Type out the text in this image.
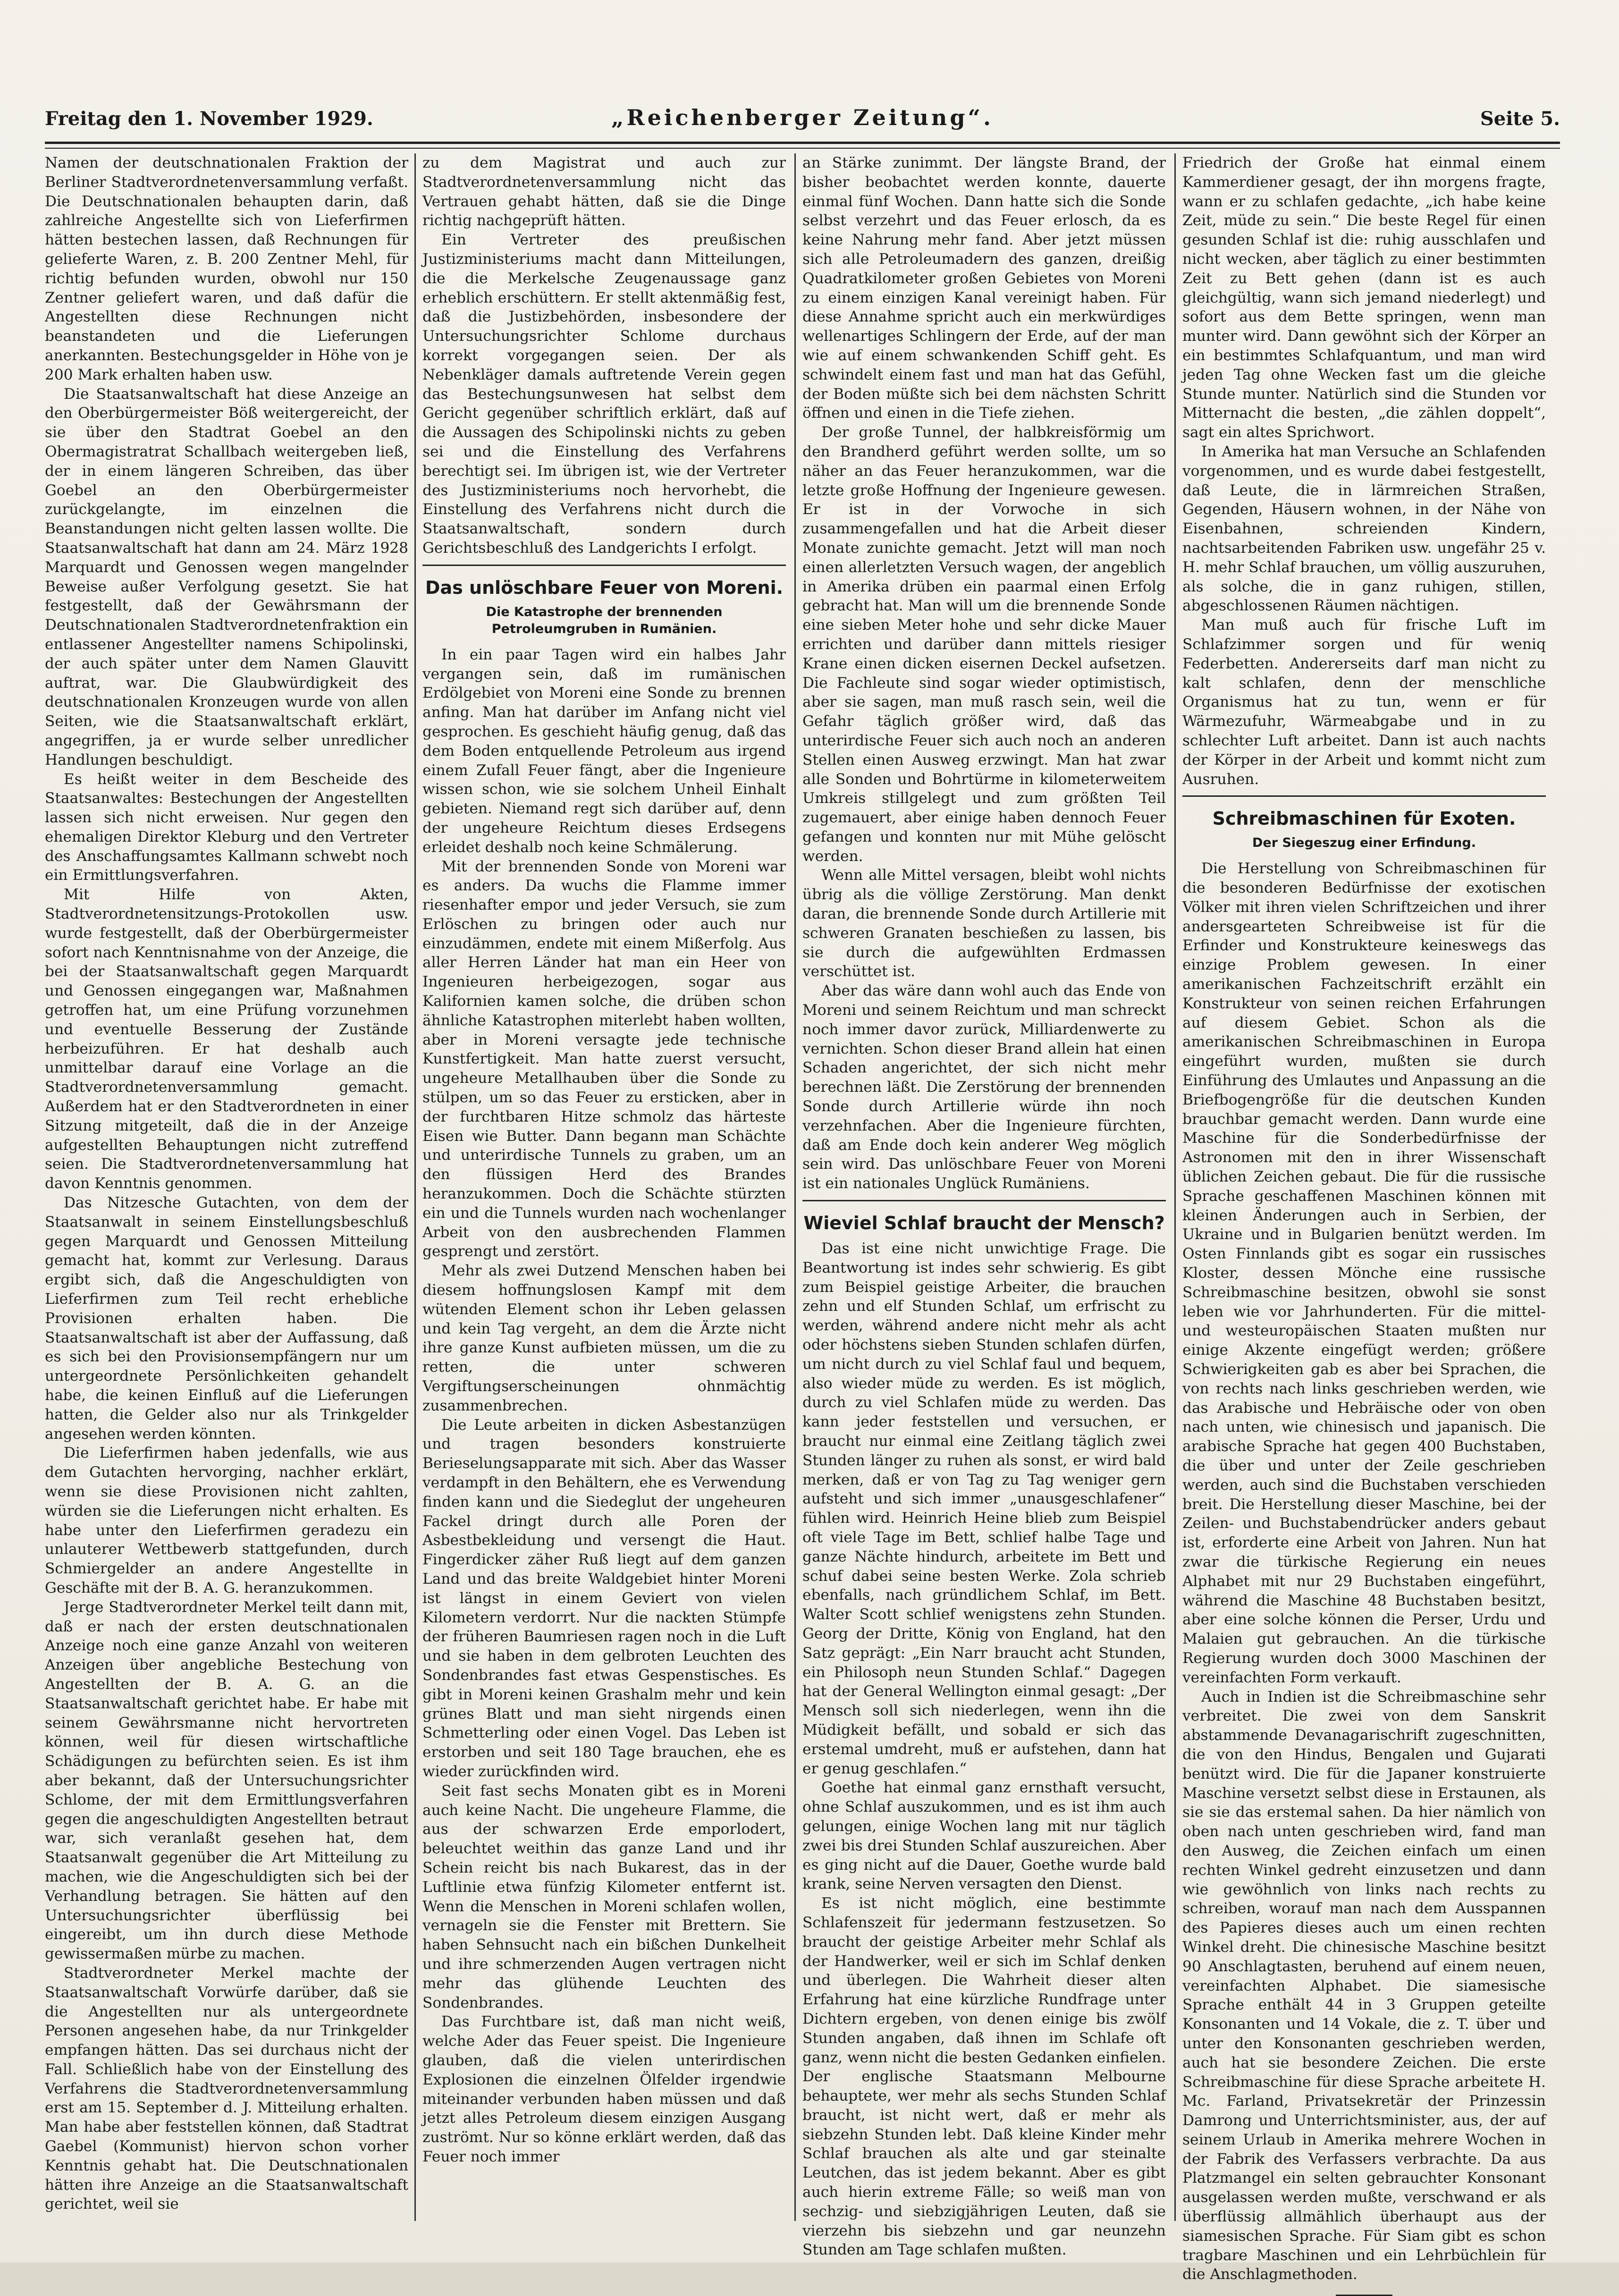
Freitag den 1. November 1929.	„Reichenberger Zeitung“.	Seite 5.

Namen der deutschnationalen Fraktion der Berliner Stadtverordnetenversammlung verfaßt. Die Deutschnationalen behaupten darin, daß zahlreiche Angestellte sich von Lieferfirmen hätten bestechen lassen, daß Rechnungen für gelieferte Waren, z. B. 200 Zentner Mehl, für richtig befunden wurden, obwohl nur 150 Zentner geliefert waren, und daß dafür die Angestellten diese Rechnungen nicht beanstandeten und die Lieferungen anerkannten. Bestechungsgelder in Höhe von je 200 Mark erhalten haben usw.

Die Staatsanwaltschaft hat diese Anzeige an den Oberbürgermeister Böß weitergereicht, der sie über den Stadtrat Goebel an den Obermagistratrat Schallbach weitergeben ließ, der in einem längeren Schreiben, das über Goebel an den Oberbürgermeister zurückgelangte, im einzelnen die Beanstandungen nicht gelten lassen wollte. Die Staatsanwaltschaft hat dann am 24. März 1928 Marquardt und Genossen wegen mangelnder Beweise außer Verfolgung gesetzt. Sie hat festgestellt, daß der Gewährsmann der Deutschnationalen Stadtverordnetenfraktion ein entlassener Angestellter namens Schipolinski, der auch später unter dem Namen Glauvitt auftrat, war. Die Glaubwürdigkeit des deutschnationalen Kronzeugen wurde von allen Seiten, wie die Staatsanwaltschaft erklärt, angegriffen, ja er wurde selber unredlicher Handlungen beschuldigt.

Es heißt weiter in dem Bescheide des Staatsanwaltes: Bestechungen der Angestellten lassen sich nicht erweisen. Nur gegen den ehemaligen Direktor Kleburg und den Vertreter des Anschaffungsamtes Kallmann schwebt noch ein Ermittlungsverfahren.

Mit Hilfe von Akten, Stadtverordnetensitzungs-Protokollen usw. wurde festgestellt, daß der Oberbürgermeister sofort nach Kenntnisnahme von der Anzeige, die bei der Staatsanwaltschaft gegen Marquardt und Genossen eingegangen war, Maßnahmen getroffen hat, um eine Prüfung vorzunehmen und eventuelle Besserung der Zustände herbeizuführen. Er hat deshalb auch unmittelbar darauf eine Vorlage an die Stadtverordnetenversammlung gemacht. Außerdem hat er den Stadtverordneten in einer Sitzung mitgeteilt, daß die in der Anzeige aufgestellten Behauptungen nicht zutreffend seien. Die Stadtverordnetenversammlung hat davon Kenntnis genommen.

Das Nitzesche Gutachten, von dem der Staatsanwalt in seinem Einstellungsbeschluß gegen Marquardt und Genossen Mitteilung gemacht hat, kommt zur Verlesung. Daraus ergibt sich, daß die Angeschuldigten von Lieferfirmen zum Teil recht erhebliche Provisionen erhalten haben. Die Staatsanwaltschaft ist aber der Auffassung, daß es sich bei den Provisionsempfängern nur um untergeordnete Persönlichkeiten gehandelt habe, die keinen Einfluß auf die Lieferungen hatten, die Gelder also nur als Trinkgelder angesehen werden könnten.

Die Lieferfirmen haben jedenfalls, wie aus dem Gutachten hervorging, nachher erklärt, wenn sie diese Provisionen nicht zahlten, würden sie die Lieferungen nicht erhalten. Es habe unter den Lieferfirmen geradezu ein unlauterer Wettbewerb stattgefunden, durch Schmiergelder an andere Angestellte in Geschäfte mit der B. A. G. heranzukommen.

Jerge Stadtverordneter Merkel teilt dann mit, daß er nach der ersten deutschnationalen Anzeige noch eine ganze Anzahl von weiteren Anzeigen über angebliche Bestechung von Angestellten der B. A. G. an die Staatsanwaltschaft gerichtet habe. Er habe mit seinem Gewährsmanne nicht hervortreten können, weil für diesen wirtschaftliche Schädigungen zu befürchten seien. Es ist ihm aber bekannt, daß der Untersuchungsrichter Schlome, der mit dem Ermittlungsverfahren gegen die angeschuldigten Angestellten betraut war, sich veranlaßt gesehen hat, dem Staatsanwalt gegenüber die Art Mitteilung zu machen, wie die Angeschuldigten sich bei der Verhandlung betragen. Sie hätten auf den Untersuchungsrichter überflüssig bei eingereibt, um ihn durch diese Methode gewissermaßen mürbe zu machen.

Stadtverordneter Merkel machte der Staatsanwaltschaft Vorwürfe darüber, daß sie die Angestellten nur als untergeordnete Personen angesehen habe, da nur Trinkgelder empfangen hätten. Das sei durchaus nicht der Fall. Schließlich habe von der Einstellung des Verfahrens die Stadtverordnetenversammlung erst am 15. September d. J. Mitteilung erhalten. Man habe aber feststellen können, daß Stadtrat Gaebel (Kommunist) hiervon schon vorher Kenntnis gehabt hat. Die Deutschnationalen hätten ihre Anzeige an die Staatsanwaltschaft gerichtet, weil sie

zu dem Magistrat und auch zur Stadtverordnetenversammlung nicht das Vertrauen gehabt hätten, daß sie die Dinge richtig nachgeprüft hätten.

Ein Vertreter des preußischen Justizministeriums macht dann Mitteilungen, die die Merkelsche Zeugenaussage ganz erheblich erschüttern. Er stellt aktenmäßig fest, daß die Justizbehörden, insbesondere der Untersuchungsrichter Schlome durchaus korrekt vorgegangen seien. Der als Nebenkläger damals auftretende Verein gegen das Bestechungsunwesen hat selbst dem Gericht gegenüber schriftlich erklärt, daß auf die Aussagen des Schipolinski nichts zu geben sei und die Einstellung des Verfahrens berechtigt sei. Im übrigen ist, wie der Vertreter des Justizministeriums noch hervorhebt, die Einstellung des Verfahrens nicht durch die Staatsanwaltschaft, sondern durch Gerichtsbeschluß des Landgerichts I erfolgt.

Das unlöschbare Feuer von Moreni.
Die Katastrophe der brennenden Petroleumgruben in Rumänien.

In ein paar Tagen wird ein halbes Jahr vergangen sein, daß im rumänischen Erdölgebiet von Moreni eine Sonde zu brennen anfing. Man hat darüber im Anfang nicht viel gesprochen. Es geschieht häufig genug, daß das dem Boden entquellende Petroleum aus irgend einem Zufall Feuer fängt, aber die Ingenieure wissen schon, wie sie solchem Unheil Einhalt gebieten. Niemand regt sich darüber auf, denn der ungeheure Reichtum dieses Erdsegens erleidet deshalb noch keine Schmälerung.

Mit der brennenden Sonde von Moreni war es anders. Da wuchs die Flamme immer riesenhafter empor und jeder Versuch, sie zum Erlöschen zu bringen oder auch nur einzudämmen, endete mit einem Mißerfolg. Aus aller Herren Länder hat man ein Heer von Ingenieuren herbeigezogen, sogar aus Kalifornien kamen solche, die drüben schon ähnliche Katastrophen miterlebt haben wollten, aber in Moreni versagte jede technische Kunstfertigkeit. Man hatte zuerst versucht, ungeheure Metallhauben über die Sonde zu stülpen, um so das Feuer zu ersticken, aber in der furchtbaren Hitze schmolz das härteste Eisen wie Butter. Dann begann man Schächte und unterirdische Tunnels zu graben, um an den flüssigen Herd des Brandes heranzukommen. Doch die Schächte stürzten ein und die Tunnels wurden nach wochenlanger Arbeit von den ausbrechenden Flammen gesprengt und zerstört.

Mehr als zwei Dutzend Menschen haben bei diesem hoffnungslosen Kampf mit dem wütenden Element schon ihr Leben gelassen und kein Tag vergeht, an dem die Ärzte nicht ihre ganze Kunst aufbieten müssen, um die zu retten, die unter schweren Vergiftungserscheinungen ohnmächtig zusammenbrechen.

Die Leute arbeiten in dicken Asbestanzügen und tragen besonders konstruierte Berieselungsapparate mit sich. Aber das Wasser verdampft in den Behältern, ehe es Verwendung finden kann und die Siedeglut der ungeheuren Fackel dringt durch alle Poren der Asbestbekleidung und versengt die Haut. Fingerdicker zäher Ruß liegt auf dem ganzen Land und das breite Waldgebiet hinter Moreni ist längst in einem Geviert von vielen Kilometern verdorrt. Nur die nackten Stümpfe der früheren Baumriesen ragen noch in die Luft und sie haben in dem gelbroten Leuchten des Sondenbrandes fast etwas Gespenstisches. Es gibt in Moreni keinen Grashalm mehr und kein grünes Blatt und man sieht nirgends einen Schmetterling oder einen Vogel. Das Leben ist erstorben und seit 180 Tage brauchen, ehe es wieder zurückfinden wird.

Seit fast sechs Monaten gibt es in Moreni auch keine Nacht. Die ungeheure Flamme, die aus der schwarzen Erde emporlodert, beleuchtet weithin das ganze Land und ihr Schein reicht bis nach Bukarest, das in der Luftlinie etwa fünfzig Kilometer entfernt ist. Wenn die Menschen in Moreni schlafen wollen, vernageln sie die Fenster mit Brettern. Sie haben Sehnsucht nach ein bißchen Dunkelheit und ihre schmerzenden Augen vertragen nicht mehr das glühende Leuchten des Sondenbrandes.

Das Furchtbare ist, daß man nicht weiß, welche Ader das Feuer speist. Die Ingenieure glauben, daß die vielen unterirdischen Explosionen die einzelnen Ölfelder irgendwie miteinander verbunden haben müssen und daß jetzt alles Petroleum diesem einzigen Ausgang zuströmt. Nur so könne erklärt werden, daß das Feuer noch immer

an Stärke zunimmt. Der längste Brand, der bisher beobachtet werden konnte, dauerte einmal fünf Wochen. Dann hatte sich die Sonde selbst verzehrt und das Feuer erlosch, da es keine Nahrung mehr fand. Aber jetzt müssen sich alle Petroleumadern des ganzen, dreißig Quadratkilometer großen Gebietes von Moreni zu einem einzigen Kanal vereinigt haben. Für diese Annahme spricht auch ein merkwürdiges wellenartiges Schlingern der Erde, auf der man wie auf einem schwankenden Schiff geht. Es schwindelt einem fast und man hat das Gefühl, der Boden müßte sich bei dem nächsten Schritt öffnen und einen in die Tiefe ziehen.

Der große Tunnel, der halbkreisförmig um den Brandherd geführt werden sollte, um so näher an das Feuer heranzukommen, war die letzte große Hoffnung der Ingenieure gewesen. Er ist in der Vorwoche in sich zusammengefallen und hat die Arbeit dieser Monate zunichte gemacht. Jetzt will man noch einen allerletzten Versuch wagen, der angeblich in Amerika drüben ein paarmal einen Erfolg gebracht hat. Man will um die brennende Sonde eine sieben Meter hohe und sehr dicke Mauer errichten und darüber dann mittels riesiger Krane einen dicken eisernen Deckel aufsetzen. Die Fachleute sind sogar wieder optimistisch, aber sie sagen, man muß rasch sein, weil die Gefahr täglich größer wird, daß das unterirdische Feuer sich auch noch an anderen Stellen einen Ausweg erzwingt. Man hat zwar alle Sonden und Bohrtürme in kilometerweitem Umkreis stillgelegt und zum größten Teil zugemauert, aber einige haben dennoch Feuer gefangen und konnten nur mit Mühe gelöscht werden.

Wenn alle Mittel versagen, bleibt wohl nichts übrig als die völlige Zerstörung. Man denkt daran, die brennende Sonde durch Artillerie mit schweren Granaten beschießen zu lassen, bis sie durch die aufgewühlten Erdmassen verschüttet ist.

Aber das wäre dann wohl auch das Ende von Moreni und seinem Reichtum und man schreckt noch immer davor zurück, Milliardenwerte zu vernichten. Schon dieser Brand allein hat einen Schaden angerichtet, der sich nicht mehr berechnen läßt. Die Zerstörung der brennenden Sonde durch Artillerie würde ihn noch verzehnfachen. Aber die Ingenieure fürchten, daß am Ende doch kein anderer Weg möglich sein wird. Das unlöschbare Feuer von Moreni ist ein nationales Unglück Rumäniens.

Wieviel Schlaf braucht der Mensch?

Das ist eine nicht unwichtige Frage. Die Beantwortung ist indes sehr schwierig. Es gibt zum Beispiel geistige Arbeiter, die brauchen zehn und elf Stunden Schlaf, um erfrischt zu werden, während andere nicht mehr als acht oder höchstens sieben Stunden schlafen dürfen, um nicht durch zu viel Schlaf faul und bequem, also wieder müde zu werden. Es ist möglich, durch zu viel Schlafen müde zu werden. Das kann jeder feststellen und versuchen, er braucht nur einmal eine Zeitlang täglich zwei Stunden länger zu ruhen als sonst, er wird bald merken, daß er von Tag zu Tag weniger gern aufsteht und sich immer „unausgeschlafener“ fühlen wird. Heinrich Heine blieb zum Beispiel oft viele Tage im Bett, schlief halbe Tage und ganze Nächte hindurch, arbeitete im Bett und schuf dabei seine besten Werke. Zola schrieb ebenfalls, nach gründlichem Schlaf, im Bett. Walter Scott schlief wenigstens zehn Stunden. Georg der Dritte, König von England, hat den Satz geprägt: „Ein Narr braucht acht Stunden, ein Philosoph neun Stunden Schlaf.“ Dagegen hat der General Wellington einmal gesagt: „Der Mensch soll sich niederlegen, wenn ihn die Müdigkeit befällt, und sobald er sich das erstemal umdreht, muß er aufstehen, dann hat er genug geschlafen.“

Goethe hat einmal ganz ernsthaft versucht, ohne Schlaf auszukommen, und es ist ihm auch gelungen, einige Wochen lang mit nur täglich zwei bis drei Stunden Schlaf auszureichen. Aber es ging nicht auf die Dauer, Goethe wurde bald krank, seine Nerven versagten den Dienst.

Es ist nicht möglich, eine bestimmte Schlafenszeit für jedermann festzusetzen. So braucht der geistige Arbeiter mehr Schlaf als der Handwerker, weil er sich im Schlaf denken und überlegen. Die Wahrheit dieser alten Erfahrung hat eine kürzliche Rundfrage unter Dichtern ergeben, von denen einige bis zwölf Stunden angaben, daß ihnen im Schlafe oft ganz, wenn nicht die besten Gedanken einfielen. Der englische Staatsmann Melbourne behauptete, wer mehr als sechs Stunden Schlaf braucht, ist nicht wert, daß er mehr als siebzehn Stunden lebt. Daß kleine Kinder mehr Schlaf brauchen als alte und gar steinalte Leutchen, das ist jedem bekannt. Aber es gibt auch hierin extreme Fälle; so weiß man von sechzig- und siebzigjährigen Leuten, daß sie vierzehn bis siebzehn und gar neunzehn Stunden am Tage schlafen mußten.

Friedrich der Große hat einmal einem Kammerdiener gesagt, der ihn morgens fragte, wann er zu schlafen gedachte, „ich habe keine Zeit, müde zu sein.“ Die beste Regel für einen gesunden Schlaf ist die: ruhig ausschlafen und nicht wecken, aber täglich zu einer bestimmten Zeit zu Bett gehen (dann ist es auch gleichgültig, wann sich jemand niederlegt) und sofort aus dem Bette springen, wenn man munter wird. Dann gewöhnt sich der Körper an ein bestimmtes Schlafquantum, und man wird jeden Tag ohne Wecken fast um die gleiche Stunde munter. Natürlich sind die Stunden vor Mitternacht die besten, „die zählen doppelt“, sagt ein altes Sprichwort.

In Amerika hat man Versuche an Schlafenden vorgenommen, und es wurde dabei festgestellt, daß Leute, die in lärmreichen Straßen, Gegenden, Häusern wohnen, in der Nähe von Eisenbahnen, schreienden Kindern, nachtsarbeitenden Fabriken usw. ungefähr 25 v. H. mehr Schlaf brauchen, um völlig auszuruhen, als solche, die in ganz ruhigen, stillen, abgeschlossenen Räumen nächtigen.

Man muß auch für frische Luft im Schlafzimmer sorgen und für weniq Federbetten. Andererseits darf man nicht zu kalt schlafen, denn der menschliche Organismus hat zu tun, wenn er für Wärmezufuhr, Wärmeabgabe und in zu schlechter Luft arbeitet. Dann ist auch nachts der Körper in der Arbeit und kommt nicht zum Ausruhen.

Schreibmaschinen für Exoten.
Der Siegeszug einer Erfindung.

Die Herstellung von Schreibmaschinen für die besonderen Bedürfnisse der exotischen Völker mit ihren vielen Schriftzeichen und ihrer andersgearteten Schreibweise ist für die Erfinder und Konstrukteure keineswegs das einzige Problem gewesen. In einer amerikanischen Fachzeitschrift erzählt ein Konstrukteur von seinen reichen Erfahrungen auf diesem Gebiet. Schon als die amerikanischen Schreibmaschinen in Europa eingeführt wurden, mußten sie durch Einführung des Umlautes und Anpassung an die Briefbogengröße für die deutschen Kunden brauchbar gemacht werden. Dann wurde eine Maschine für die Sonderbedürfnisse der Astronomen mit den in ihrer Wissenschaft üblichen Zeichen gebaut. Die für die russische Sprache geschaffenen Maschinen können mit kleinen Änderungen auch in Serbien, der Ukraine und in Bulgarien benützt werden. Im Osten Finnlands gibt es sogar ein russisches Kloster, dessen Mönche eine russische Schreibmaschine besitzen, obwohl sie sonst leben wie vor Jahrhunderten. Für die mittel- und westeuropäischen Staaten mußten nur einige Akzente eingefügt werden; größere Schwierigkeiten gab es aber bei Sprachen, die von rechts nach links geschrieben werden, wie das Arabische und Hebräische oder von oben nach unten, wie chinesisch und japanisch. Die arabische Sprache hat gegen 400 Buchstaben, die über und unter der Zeile geschrieben werden, auch sind die Buchstaben verschieden breit. Die Herstellung dieser Maschine, bei der Zeilen- und Buchstabendrücker anders gebaut ist, erforderte eine Arbeit von Jahren. Nun hat zwar die türkische Regierung ein neues Alphabet mit nur 29 Buchstaben eingeführt, während die Maschine 48 Buchstaben besitzt, aber eine solche können die Perser, Urdu und Malaien gut gebrauchen. An die türkische Regierung wurden doch 3000 Maschinen der vereinfachten Form verkauft.

Auch in Indien ist die Schreibmaschine sehr verbreitet. Die zwei von dem Sanskrit abstammende Devanagarischrift zugeschnitten, die von den Hindus, Bengalen und Gujarati benützt wird. Die für die Japaner konstruierte Maschine versetzt selbst diese in Erstaunen, als sie sie das erstemal sahen. Da hier nämlich von oben nach unten geschrieben wird, fand man den Ausweg, die Zeichen einfach um einen rechten Winkel gedreht einzusetzen und dann wie gewöhnlich von links nach rechts zu schreiben, worauf man nach dem Ausspannen des Papieres dieses auch um einen rechten Winkel dreht. Die chinesische Maschine besitzt 90 Anschlagtasten, beruhend auf einem neuen, vereinfachten Alphabet. Die siamesische Sprache enthält 44 in 3 Gruppen geteilte Konsonanten und 14 Vokale, die z. T. über und unter den Konsonanten geschrieben werden, auch hat sie besondere Zeichen. Die erste Schreibmaschine für diese Sprache arbeitete H. Mc. Farland, Privatsekretär der Prinzessin Damrong und Unterrichtsminister, aus, der auf seinem Urlaub in Amerika mehrere Wochen in der Fabrik des Verfassers verbrachte. Da aus Platzmangel ein selten gebrauchter Konsonant ausgelassen werden mußte, verschwand er als überflüssig allmählich überhaupt aus der siamesischen Sprache. Für Siam gibt es schon tragbare Maschinen und ein Lehrbüchlein für die Anschlagmethoden.
